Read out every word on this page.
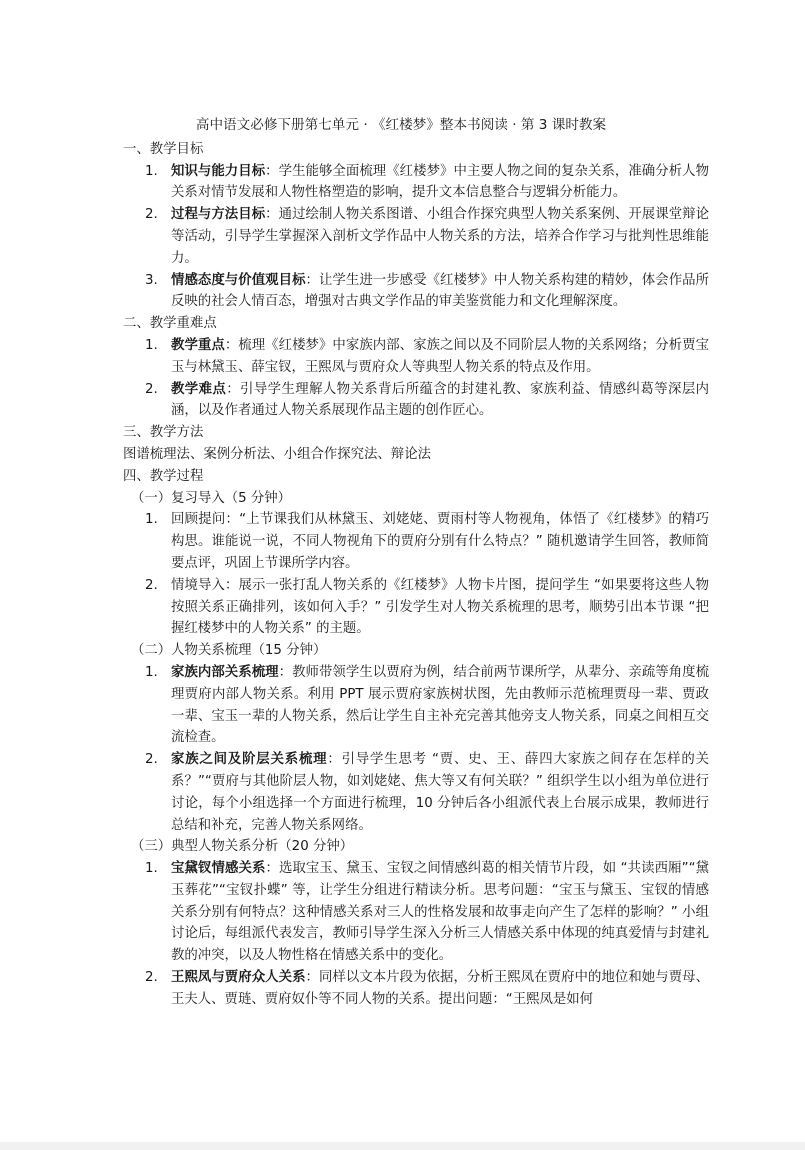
高中语文必修下册第七单元 · 《红楼梦》整本书阅读 · 第 3 课时教案
一、教学目标
1. 知识与能力目标：学生能够全面梳理《红楼梦》中主要人物之间的复杂关系，准确分析人物关系对情节发展和人物性格塑造的影响，提升文本信息整合与逻辑分析能力。
2. 过程与方法目标：通过绘制人物关系图谱、小组合作探究典型人物关系案例、开展课堂辩论等活动，引导学生掌握深入剖析文学作品中人物关系的方法，培养合作学习与批判性思维能力。
3. 情感态度与价值观目标：让学生进一步感受《红楼梦》中人物关系构建的精妙，体会作品所反映的社会人情百态，增强对古典文学作品的审美鉴赏能力和文化理解深度。
二、教学重难点
1. 教学重点：梳理《红楼梦》中家族内部、家族之间以及不同阶层人物的关系网络；分析贾宝玉与林黛玉、薛宝钗，王熙凤与贾府众人等典型人物关系的特点及作用。
2. 教学难点：引导学生理解人物关系背后所蕴含的封建礼教、家族利益、情感纠葛等深层内涵，以及作者通过人物关系展现作品主题的创作匠心。
三、教学方法
图谱梳理法、案例分析法、小组合作探究法、辩论法
四、教学过程
（一）复习导入（5 分钟）
1. 回顾提问：“上节课我们从林黛玉、刘姥姥、贾雨村等人物视角，体悟了《红楼梦》的精巧构思。谁能说一说，不同人物视角下的贾府分别有什么特点？” 随机邀请学生回答，教师简要点评，巩固上节课所学内容。
2. 情境导入：展示一张打乱人物关系的《红楼梦》人物卡片图，提问学生 “如果要将这些人物按照关系正确排列，该如何入手？” 引发学生对人物关系梳理的思考，顺势引出本节课 “把握红楼梦中的人物关系” 的主题。
（二）人物关系梳理（15 分钟）
1. 家族内部关系梳理：教师带领学生以贾府为例，结合前两节课所学，从辈分、亲疏等角度梳理贾府内部人物关系。利用 PPT 展示贾府家族树状图，先由教师示范梳理贾母一辈、贾政一辈、宝玉一辈的人物关系，然后让学生自主补充完善其他旁支人物关系，同桌之间相互交流检查。
2. 家族之间及阶层关系梳理：引导学生思考 “贾、史、王、薛四大家族之间存在怎样的关系？”“贾府与其他阶层人物，如刘姥姥、焦大等又有何关联？” 组织学生以小组为单位进行讨论，每个小组选择一个方面进行梳理，10 分钟后各小组派代表上台展示成果，教师进行总结和补充，完善人物关系网络。
（三）典型人物关系分析（20 分钟）
1. 宝黛钗情感关系：选取宝玉、黛玉、宝钗之间情感纠葛的相关情节片段，如 “共读西厢”“黛玉葬花”“宝钗扑蝶” 等，让学生分组进行精读分析。思考问题：“宝玉与黛玉、宝钗的情感关系分别有何特点？这种情感关系对三人的性格发展和故事走向产生了怎样的影响？” 小组讨论后，每组派代表发言，教师引导学生深入分析三人情感关系中体现的纯真爱情与封建礼教的冲突，以及人物性格在情感关系中的变化。
2. 王熙凤与贾府众人关系：同样以文本片段为依据，分析王熙凤在贾府中的地位和她与贾母、王夫人、贾琏、贾府奴仆等不同人物的关系。提出问题：“王熙凤是如何
